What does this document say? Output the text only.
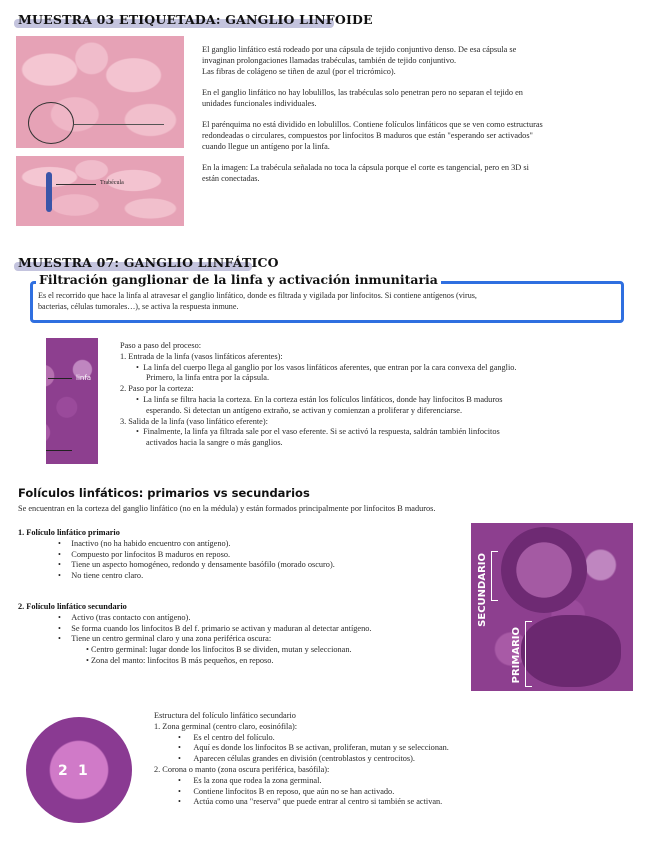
MUESTRA 03 ETIQUETADA: GANGLIO LINFOIDE
Trabécula
El ganglio linfático está rodeado por una cápsula de tejido conjuntivo denso. De esa cápsula se
invaginan prolongaciones llamadas trabéculas, también de tejido conjuntivo.
Las fibras de colágeno se tiñen de azul (por el tricrómico).
En el ganglio linfático no hay lobulillos, las trabéculas solo penetran pero no separan el tejido en
unidades funcionales individuales.
El parénquima no está dividido en lobulillos. Contiene folículos linfáticos que se ven como estructuras
redondeadas o circulares, compuestos por linfocitos B maduros que están "esperando ser activados"
cuando llegue un antígeno por la linfa.
En la imagen: La trabécula señalada no toca la cápsula porque el corte es tangencial, pero en 3D si
están conectadas.
MUESTRA 07: GANGLIO LINFÁTICO
Filtración ganglionar de la linfa y activación inmunitaria
Es el recorrido que hace la linfa al atravesar el ganglio linfático, donde es filtrada y vigilada por linfocitos. Si contiene antígenos (virus,
bacterias, células tumorales…), se activa la respuesta inmune.
linfa
Paso a paso del proceso:
1. Entrada de la linfa (vasos linfáticos aferentes):
•  La linfa del cuerpo llega al ganglio por los vasos linfáticos aferentes, que entran por la cara convexa del ganglio.
Primero, la linfa entra por la cápsula.
2. Paso por la corteza:
•  La linfa se filtra hacia la corteza. En la corteza están los folículos linfáticos, donde hay linfocitos B maduros
esperando. Si detectan un antígeno extraño, se activan y comienzan a proliferar y diferenciarse.
3. Salida de la linfa (vaso linfático eferente):
•  Finalmente, la linfa ya filtrada sale por el vaso eferente. Si se activó la respuesta, saldrán también linfocitos
activados hacia la sangre o más ganglios.
Folículos linfáticos: primarios vs secundarios
Se encuentran en la corteza del ganglio linfático (no en la médula) y están formados principalmente por linfocitos B maduros.
1. Folículo linfático primario
•     Inactivo (no ha habido encuentro con antígeno).
•     Compuesto por linfocitos B maduros en reposo.
•     Tiene un aspecto homogéneo, redondo y densamente basófilo (morado oscuro).
•     No tiene centro claro.
2. Folículo linfático secundario
•     Activo (tras contacto con antígeno).
•     Se forma cuando los linfocitos B del f. primario se activan y maduran al detectar antígeno.
•     Tiene un centro germinal claro y una zona periférica oscura:
• Centro germinal: lugar donde los linfocitos B se dividen, mutan y seleccionan.
• Zona del manto: linfocitos B más pequeños, en reposo.
SECUNDARIO
PRIMARIO
2 1
Estructura del folículo linfático secundario
1. Zona germinal (centro claro, eosinófila):
•      Es el centro del folículo.
•      Aquí es donde los linfocitos B se activan, proliferan, mutan y se seleccionan.
•      Aparecen células grandes en división (centroblastos y centrocitos).
2. Corona o manto (zona oscura periférica, basófila):
•      Es la zona que rodea la zona germinal.
•      Contiene linfocitos B en reposo, que aún no se han activado.
•      Actúa como una "reserva" que puede entrar al centro si también se activan.
